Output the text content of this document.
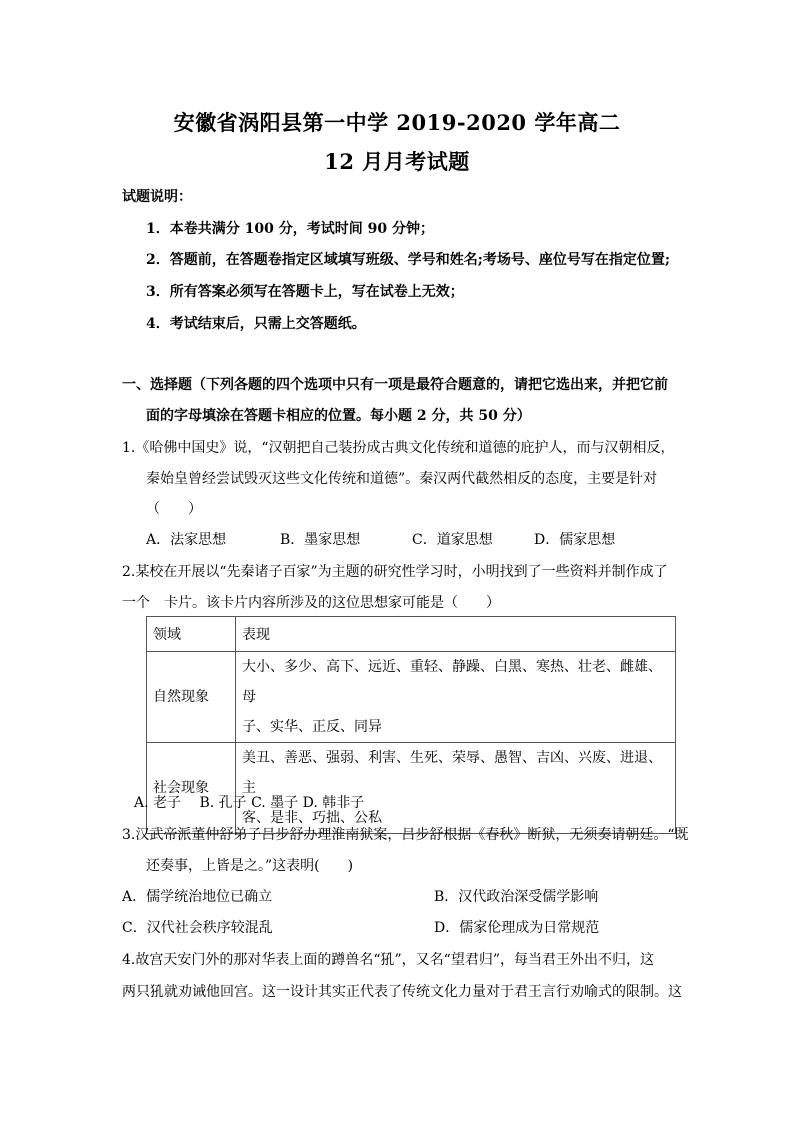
安徽省涡阳县第一中学 2019-2020 学年高二
12 月月考试题
试题说明：
1．本卷共满分 100 分，考试时间 90 分钟；
2．答题前，在答题卷指定区域填写班级、学号和姓名;考场号、座位号写在指定位置;
3．所有答案必须写在答题卡上，写在试卷上无效；
4．考试结束后，只需上交答题纸。
一、选择题（下列各题的四个选项中只有一项是最符合题意的，请把它选出来，并把它前
面的字母填涂在答题卡相应的位置。每小题 2 分，共 50 分）
1.《哈佛中国史》说，“汉朝把自己装扮成古典文化传统和道德的庇护人，而与汉朝相反，
秦始皇曾经尝试毁灭这些文化传统和道德”。秦汉两代截然相反的态度，主要是针对
（　　）
A．法家思想	B．墨家思想	C．道家思想	D．儒家思想
2.某校在开展以“先秦诸子百家”为主题的研究性学习时，小明找到了一些资料并制作成了
一个　卡片。该卡片内容所涉及的这位思想家可能是（　　）
领域	表现
自然现象	大小、多少、高下、远近、重轻、静躁、白黑、寒热、壮老、雌雄、母
子、实华、正反、同异

社会现象	美丑、善恶、强弱、利害、生死、荣辱、愚智、吉凶、兴废、进退、主
客、是非、巧拙、公私
A. 老子　 B. 孔子 C. 墨子 D. 韩非子
3.汉武帝派董仲舒弟子吕步舒办理淮南狱案，吕步舒根据《春秋》断狱，无须奏请朝廷。“既
还奏事，上皆是之。”这表明(　　)
A．儒学统治地位已确立	B．汉代政治深受儒学影响
C．汉代社会秩序较混乱	D．儒家伦理成为日常规范
4.故宫天安门外的那对华表上面的蹲兽名“犼”，又名“望君归”，每当君王外出不归，这
两只犼就劝诫他回宫。这一设计其实正代表了传统文化力量对于君王言行劝喻式的限制。这
